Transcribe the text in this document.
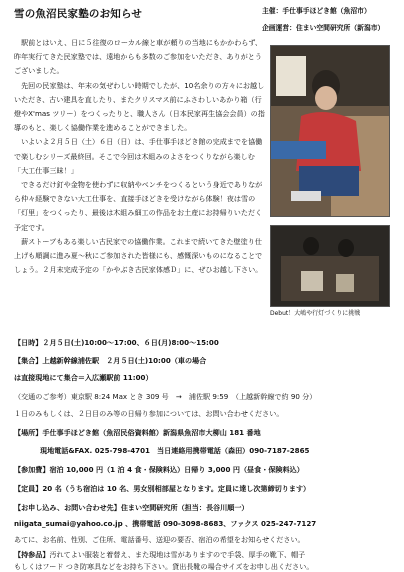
雪の魚沼民家塾のお知らせ	主催：手仕事手ほどき館（魚沼市）
企画運営：住まい空間研究所（新潟市）

駅前とはいえ、日に５往復のローカル線と車が頼りの当地にもかかわらず、昨年実行てきた民家塾では、遠地からも多数のご参加をいただき、ありがとうございました。

先回の民家塾は、年末の気ぜわしい時期でしたが、10名余りの方々にお越しいただき、古い建具を直したり、またクリスマス前にふさわしいあかり箱（行燈やX'mas ツリー）をつくったりと、職人さん（日本民家再生協会会員）の指導のもと、楽しく協働作業を進めることができました。

いよいよ２月５日（土）６日（日）は、手仕事手ほどき館の完成までを協働で楽しむシリーズ最終回。そこで今回は木組みのよさをつくりながら楽しむ「大工仕事三昧！」

できるだけ釘や金物を使わずに収納やベンチをつくるという身近でありながら仲々経験できない大工仕事を、直接手ほどきを受けながら体験！夜は雪の「灯里」をつくったり、最後は木組み細工の作品をお土産にお持帰りいただく予定です。

薪ストーブもある楽しい古民家での協働作業。これまで続いてきた壁塗り仕上げも順調に進み夏～秋にご参加された皆様にも、感慨深いものになることでしょう。２月末完成予定の「かやぶき古民家体感Ｄ」に、ぜひお越し下さい。

Debut！大嶋や行灯づくりに挑戦
【日時】２月５日(土)10:00～17:00、６日(月)8:00～15:00
【集合】上越新幹線浦佐駅　２月５日(土)10:00（車の場合
は直接現地にて集合＝入広瀬駅前 11:00）
（交通のご参考）東京駅 8:24 Max とき 309 号　→　浦佐駅 9:59　（上越新幹線で約 90 分）
１日のみもしくは、２日目のみ等の日帰り参加については、お問い合わせください。
【場所】手仕事手ほどき館（魚沼民俗資料館）新潟県魚沼市大柳山 181 番地
現地電話&FAX. 025-798-4701　当日連絡用携帯電話（森田）090-7187-2865
【参加費】宿泊 10,000 円（1 泊 4 食・保険料込）日帰り 3,000 円（昼食・保険料込）
【定員】20 名（うち宿泊は 10 名、男女別相部屋となります。定員に達し次第締切ります）
【お申し込み、お問い合わせ先】住まい空間研究所（担当：長谷川順一）
niigata_sumai@yahoo.co.jp 、携帯電話 090-3098-8683、ファクス 025-247-7127
あてに、お名前、性別、ご住所、電話番号、送迎の要否、宿泊の希望をお知らせください。
【持参品】汚れてよい服装と着替え、また現地は雪がありますので手袋、厚手の靴下、帽子
もしくはフード つき防寒具などをお持ち下さい。貸出長靴の場合サイズをお申し出ください。
